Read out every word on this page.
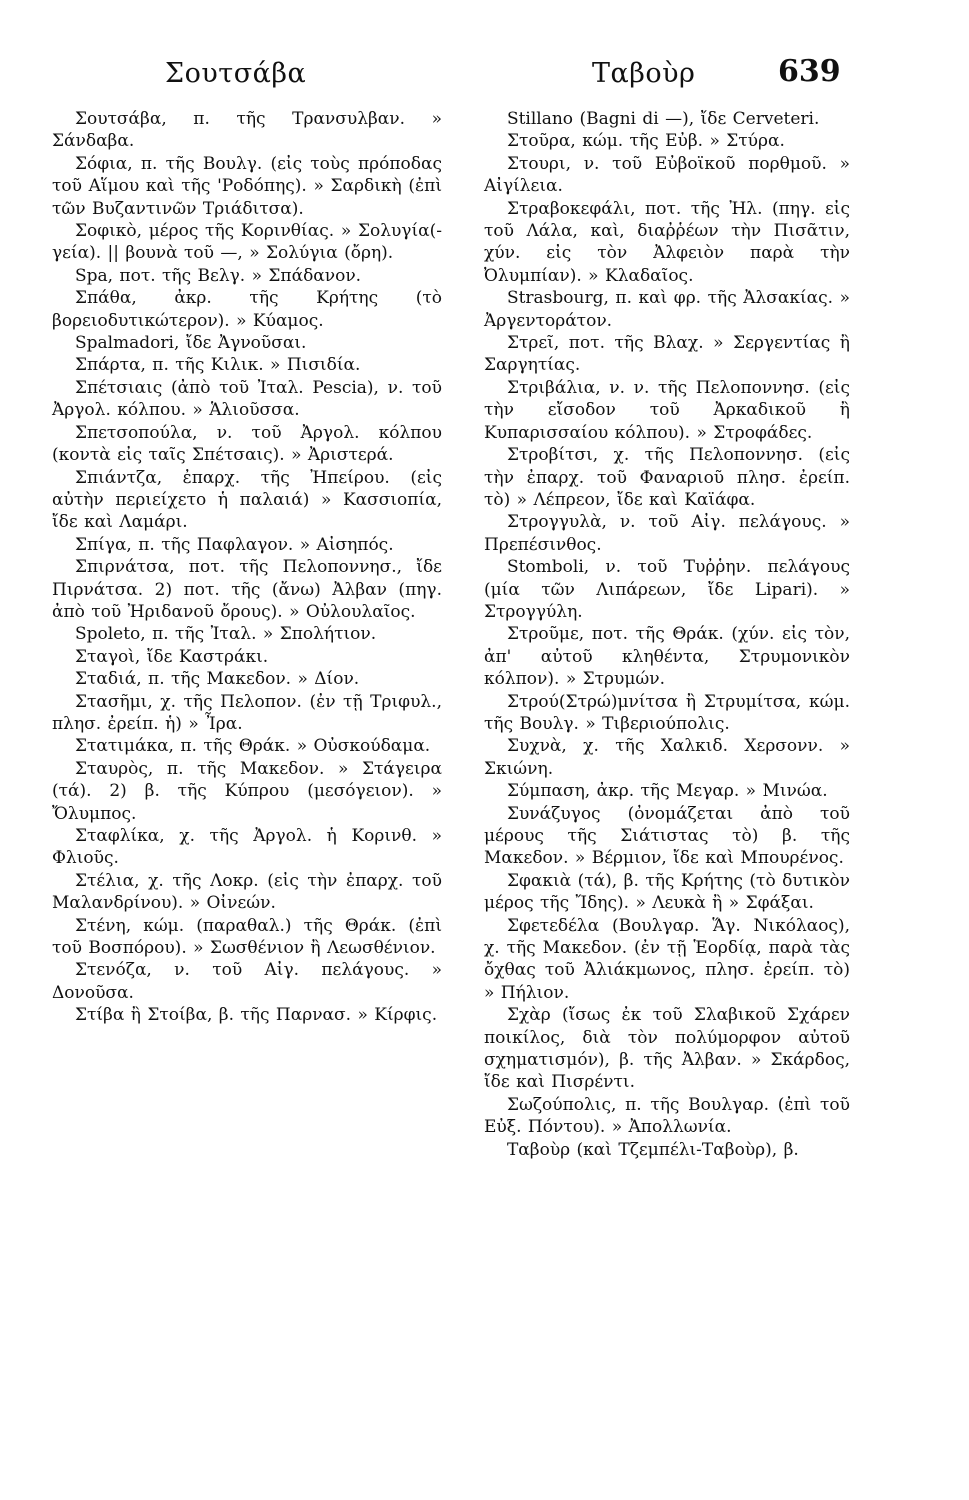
Σουτσάβα	Ταβοὺρ	639

Σουτσάβα, π. τῆς Τρανσυλβαν. » Σάνδαβα.

Σόφια, π. τῆς Βουλγ. (εἰς τοὺς πρόποδας τοῦ Αἵμου καὶ τῆς 'Ροδόπης). » Σαρδικὴ (ἐπὶ τῶν Βυζαντινῶν Τριάδιτσα).

Σοφικὸ, μέρος τῆς Κορινθίας. » Σολυγία(-γεία). || βουνὰ τοῦ —, » Σολύγια (ὄρη).

Spa, ποτ. τῆς Βελγ. » Σπάδανον.

Σπάθα, ἀκρ. τῆς Κρήτης (τὸ βορειοδυτικώτερον). » Κύαμος.

Spalmadori, ἴδε Ἀγνοῦσαι.

Σπάρτα, π. τῆς Κιλικ. » Πισιδία.

Σπέτσιαις (ἀπὸ τοῦ Ἰταλ. Pescia), ν. τοῦ Ἀργολ. κόλπου. » Ἁλιοῦσσα.

Σπετσοπούλα, ν. τοῦ Ἀργολ. κόλπου (κοντὰ εἰς ταῖς Σπέτσαις). » Ἀριστερά.

Σπιάντζα, ἐπαρχ. τῆς Ἠπείρου. (εἰς αὐτὴν περιείχετο ἡ παλαιά) » Κασσιοπία, ἴδε καὶ Λαμάρι.

Σπίγα, π. τῆς Παφλαγον. » Αἰσηπός.

Σπιρνάτσα, ποτ. τῆς Πελοποννησ., ἴδε Πιρνάτσα. 2) ποτ. τῆς (ἄνω) Ἀλβαν (πηγ. ἀπὸ τοῦ Ἠριδανοῦ ὄρους). » Οὐλουλαῖος.

Spoleto, π. τῆς Ἰταλ. » Σπολήτιον.

Σταγοὶ, ἴδε Καστράκι.

Σταδιά, π. τῆς Μακεδον. » Δίον.

Στασῆμι, χ. τῆς Πελοπον. (ἐν τῇ Τριφυλ., πλησ. ἐρείπ. ἡ) » Ἶρα.

Στατιμάκα, π. τῆς Θράκ. » Οὐσκούδαμα.

Σταυρὸς, π. τῆς Μακεδον. » Στάγειρα (τά). 2) β. τῆς Κύπρου (μεσόγειον). » Ὄλυμπος.

Σταφλίκα, χ. τῆς Ἀργολ. ἡ Κορινθ. » Φλιοῦς.

Στέλια, χ. τῆς Λοκρ. (εἰς τὴν ἐπαρχ. τοῦ Μαλανδρίνου). » Οἰνεών.

Στένη, κώμ. (παραθαλ.) τῆς Θράκ. (ἐπὶ τοῦ Βοσπόρου). » Σωσθένιον ἢ Λεωσθένιον.

Στενόζα, ν. τοῦ Αἰγ. πελάγους. » Δονοῦσα.

Στίβα ἢ Στοίβα, β. τῆς Παρνασ. » Κίρφις.

Stillano (Bagni di —), ἴδε Cerveteri.

Στοῦρα, κώμ. τῆς Εὐβ. » Στύρα.

Στουρι, ν. τοῦ Εὐβοϊκοῦ πορθμοῦ. » Αἰγίλεια.

Στραβοκεφάλι, ποτ. τῆς Ἠλ. (πηγ. εἰς τοῦ Λάλα, καὶ, διαῤῥέων τὴν Πισᾶτιν, χύν. εἰς τὸν Ἀλφειὸν παρὰ τὴν Ὀλυμπίαν). » Κλαδαῖος.

Strasbourg, π. καὶ φρ. τῆς Ἀλσακίας. » Ἀργεντοράτον.

Στρεῖ, ποτ. τῆς Βλαχ. » Σεργεντίας ἢ Σαργητίας.

Στριβάλια, ν. ν. τῆς Πελοποννησ. (εἰς τὴν εἴσοδον τοῦ Ἀρκαδικοῦ ἢ Κυπαρισσαίου κόλπου). » Στροφάδες.

Στροβίτσι, χ. τῆς Πελοποννησ. (εἰς τὴν ἐπαρχ. τοῦ Φαναριοῦ πλησ. ἐρείπ. τὸ) » Λέπρεον, ἴδε καὶ Καϊάφα.

Στρογγυλὰ, ν. τοῦ Αἰγ. πελάγους. » Πρεπέσινθος.

Stomboli, ν. τοῦ Τυῤῥην. πελάγους (μία τῶν Λιπάρεων, ἴδε Lipari). » Στρογγύλη.

Στροῦμε, ποτ. τῆς Θράκ. (χύν. εἰς τὸν, ἀπ' αὐτοῦ κληθέντα, Στρυμονικὸν κόλπον). » Στρυμών.

Στρού(Στρώ)μνίτσα ἢ Στρυμίτσα, κώμ. τῆς Βουλγ. » Τιβεριούπολις.

Συχνὰ, χ. τῆς Χαλκιδ. Χερσονν. » Σκιώνη.

Σύμπαση, ἀκρ. τῆς Μεγαρ. » Μινώα.

Συνάζυγος (ὀνομάζεται ἀπὸ τοῦ μέρους τῆς Σιάτιστας τὸ) β. τῆς Μακεδον. » Βέρμιον, ἴδε καὶ Μπουρένος.

Σφακιὰ (τά), β. τῆς Κρήτης (τὸ δυτικὸν μέρος τῆς Ἴδης). » Λευκὰ ἢ » Σφάξαι.

Σφετεδέλα (Βουλγαρ. Ἅγ. Νικόλαος), χ. τῆς Μακεδον. (ἐν τῇ Ἑορδίᾳ, παρὰ τὰς ὄχθας τοῦ Ἀλιάκμωνος, πλησ. ἐρείπ. τὸ) » Πήλιον.

Σχὰρ (ἴσως ἐκ τοῦ Σλαβικοῦ Σχάρεν ποικίλος, διὰ τὸν πολύμορφον αὐτοῦ σχηματισμόν), β. τῆς Ἀλβαν. » Σκάρδος, ἴδε καὶ Πισρέντι.

Σωζούπολις, π. τῆς Βουλγαρ. (ἐπὶ τοῦ Εὐξ. Πόντου). » Ἀπολλωνία.

Ταβοὺρ (καὶ Τζεμπέλι-Ταβοὺρ), β.
